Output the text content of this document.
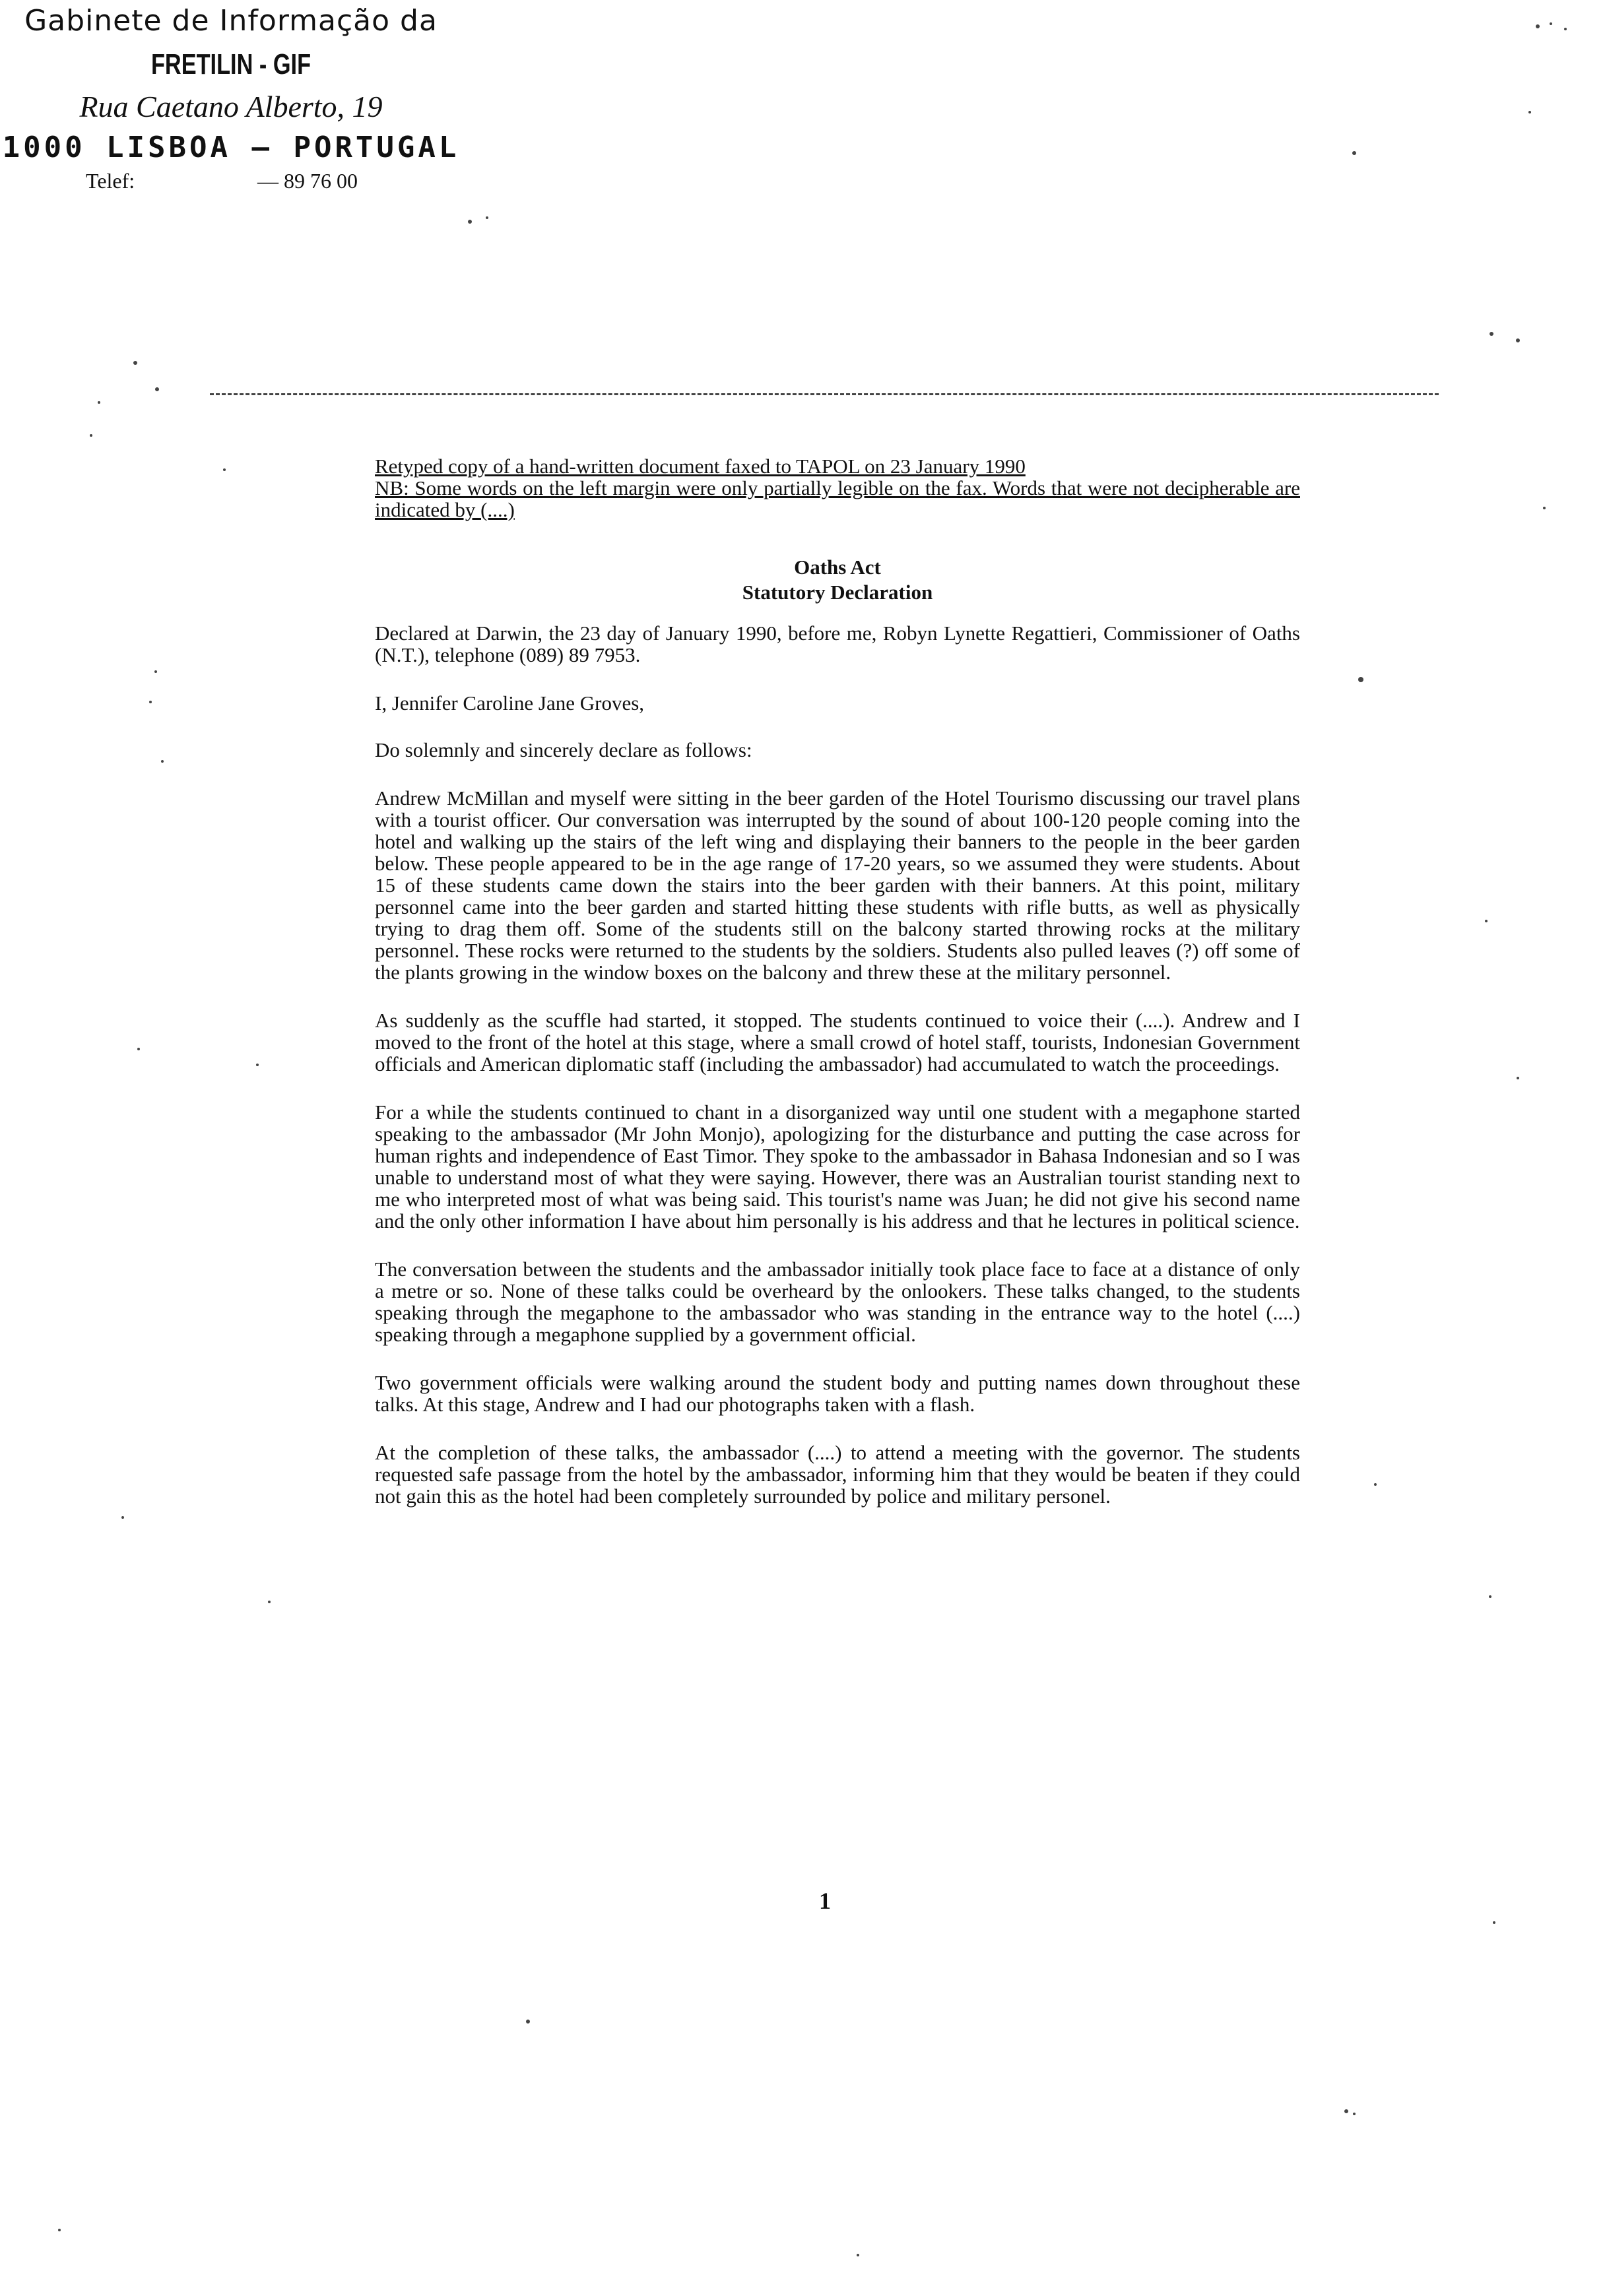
Gabinete de Informação da
FRETILIN - GIF
Rua Caetano Alberto, 19
1000 LISBOA — PORTUGAL
Telef:	— 89 76 00

Retyped copy of a hand-written document faxed to TAPOL on 23 January 1990

NB: Some words on the left margin were only partially legible on the fax. Words that were not decipherable are indicated by (....)

Oaths Act
Statutory Declaration

Declared at Darwin, the 23 day of January 1990, before me, Robyn Lynette Regattieri, Commissioner of Oaths (N.T.), telephone (089) 89 7953.

I, Jennifer Caroline Jane Groves,

Do solemnly and sincerely declare as follows:

Andrew McMillan and myself were sitting in the beer garden of the Hotel Tourismo discussing our travel plans with a tourist officer. Our conversation was interrupted by the sound of about 100-120 people coming into the hotel and walking up the stairs of the left wing and displaying their banners to the people in the beer garden below. These people appeared to be in the age range of 17-20 years, so we assumed they were students. About 15 of these students came down the stairs into the beer garden with their banners. At this point, military personnel came into the beer garden and started hitting these students with rifle butts, as well as physically trying to drag them off. Some of the students still on the balcony started throwing rocks at the military personnel. These rocks were returned to the students by the soldiers. Students also pulled leaves (?) off some of the plants growing in the window boxes on the balcony and threw these at the military personnel.

As suddenly as the scuffle had started, it stopped. The students continued to voice their (....). Andrew and I moved to the front of the hotel at this stage, where a small crowd of hotel staff, tourists, Indonesian Government officials and American diplomatic staff (including the ambassador) had accumulated to watch the proceedings.

For a while the students continued to chant in a disorganized way until one student with a megaphone started speaking to the ambassador (Mr John Monjo), apologizing for the disturbance and putting the case across for human rights and independence of East Timor. They spoke to the ambassador in Bahasa Indonesian and so I was unable to understand most of what they were saying. However, there was an Australian tourist standing next to me who interpreted most of what was being said. This tourist's name was Juan; he did not give his second name and the only other information I have about him personally is his address and that he lectures in political science.

The conversation between the students and the ambassador initially took place face to face at a distance of only a metre or so. None of these talks could be overheard by the onlookers. These talks changed, to the students speaking through the megaphone to the ambassador who was standing in the entrance way to the hotel (....) speaking through a megaphone supplied by a government official.

Two government officials were walking around the student body and putting names down throughout these talks. At this stage, Andrew and I had our photographs taken with a flash.

At the completion of these talks, the ambassador (....) to attend a meeting with the governor. The students requested safe passage from the hotel by the ambassador, informing him that they would be beaten if they could not gain this as the hotel had been completely surrounded by police and military personel.

1
